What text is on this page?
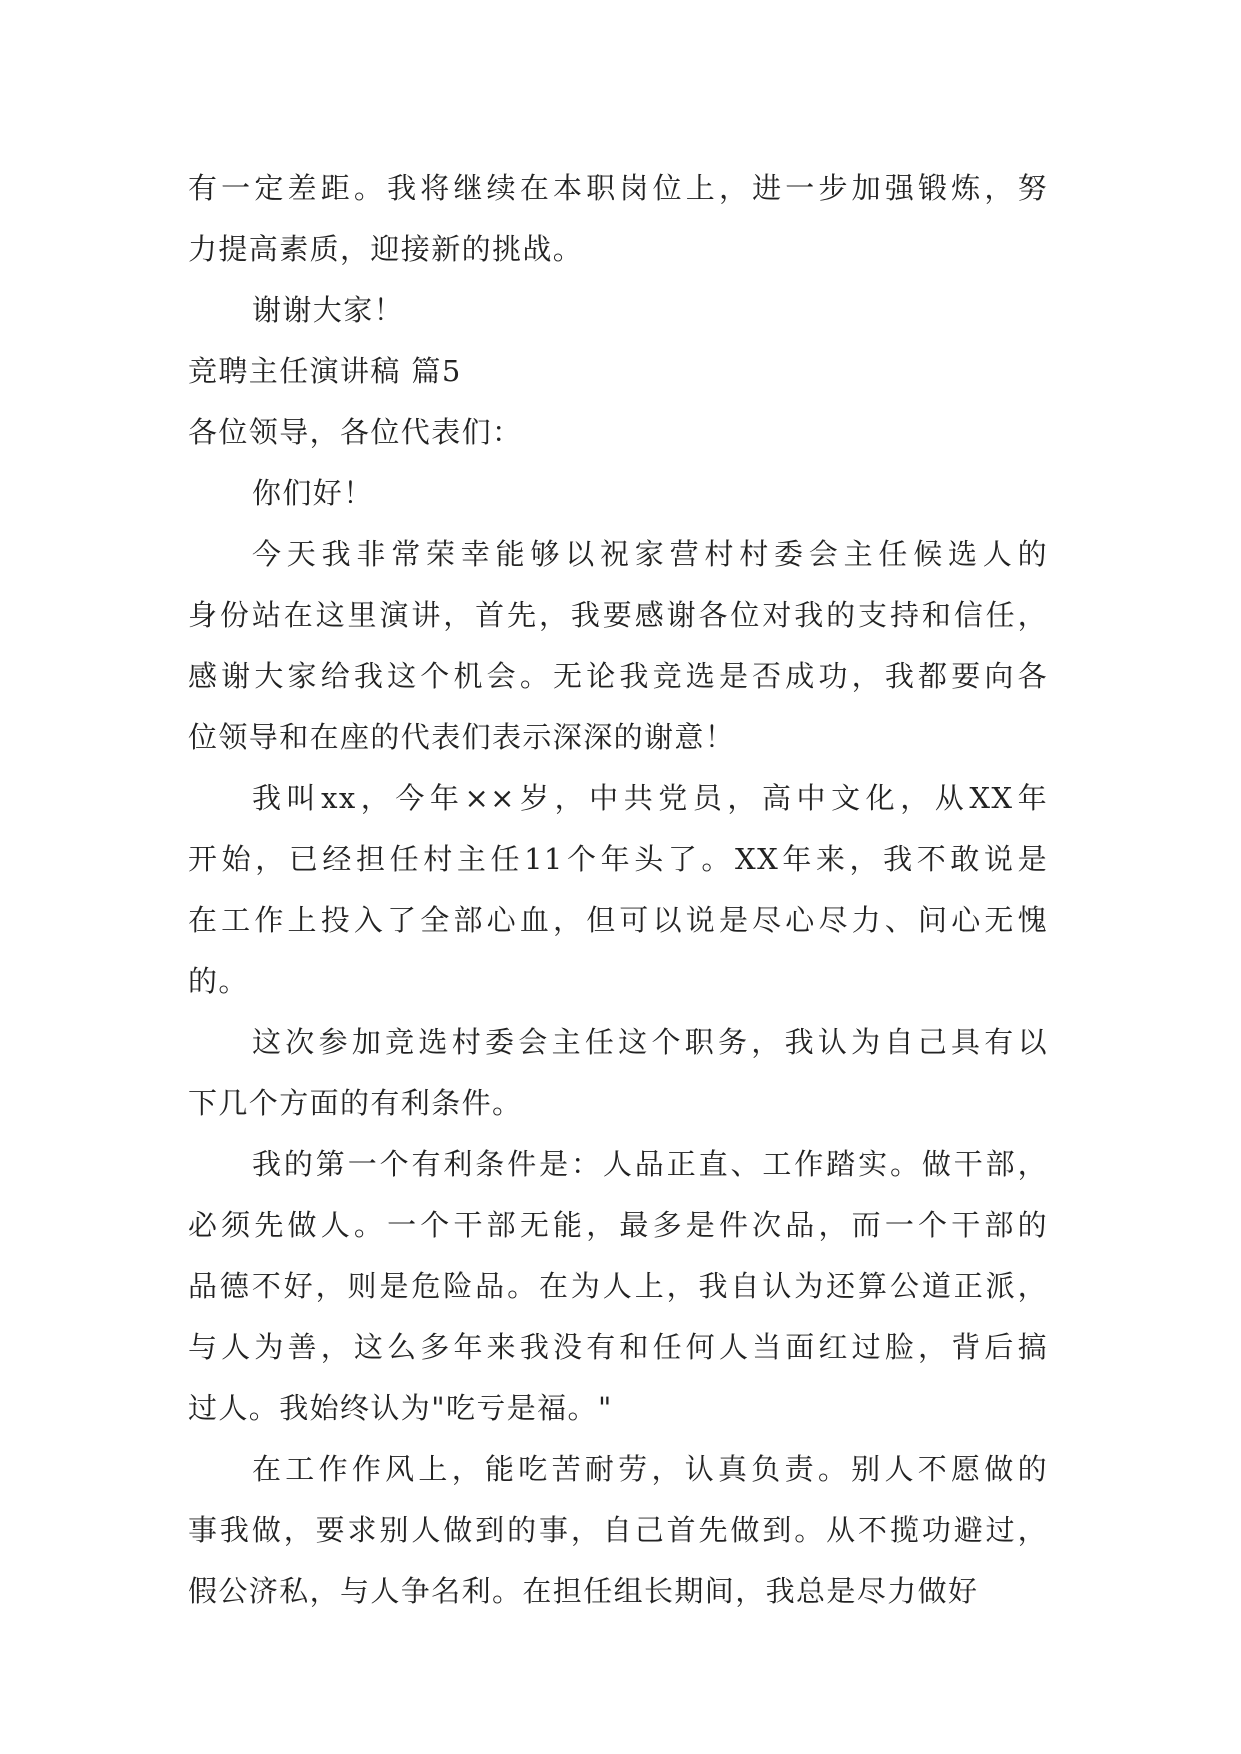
有一定差距。我将继续在本职岗位上，进一步加强锻炼，努
力提高素质，迎接新的挑战。
谢谢大家！
竞聘主任演讲稿 篇5
各位领导，各位代表们：
你们好！
今天我非常荣幸能够以祝家营村村委会主任候选人的
身份站在这里演讲，首先，我要感谢各位对我的支持和信任，
感谢大家给我这个机会。无论我竞选是否成功，我都要向各
位领导和在座的代表们表示深深的谢意！
我叫xx，今年××岁，中共党员，高中文化，从XX年
开始，已经担任村主任11个年头了。XX年来，我不敢说是
在工作上投入了全部心血，但可以说是尽心尽力、问心无愧
的。
这次参加竞选村委会主任这个职务，我认为自己具有以
下几个方面的有利条件。
我的第一个有利条件是：人品正直、工作踏实。做干部，
必须先做人。一个干部无能，最多是件次品，而一个干部的
品德不好，则是危险品。在为人上，我自认为还算公道正派，
与人为善，这么多年来我没有和任何人当面红过脸，背后搞
过人。我始终认为"吃亏是福。"
在工作作风上，能吃苦耐劳，认真负责。别人不愿做的
事我做，要求别人做到的事，自己首先做到。从不揽功避过，
假公济私，与人争名利。在担任组长期间，我总是尽力做好
